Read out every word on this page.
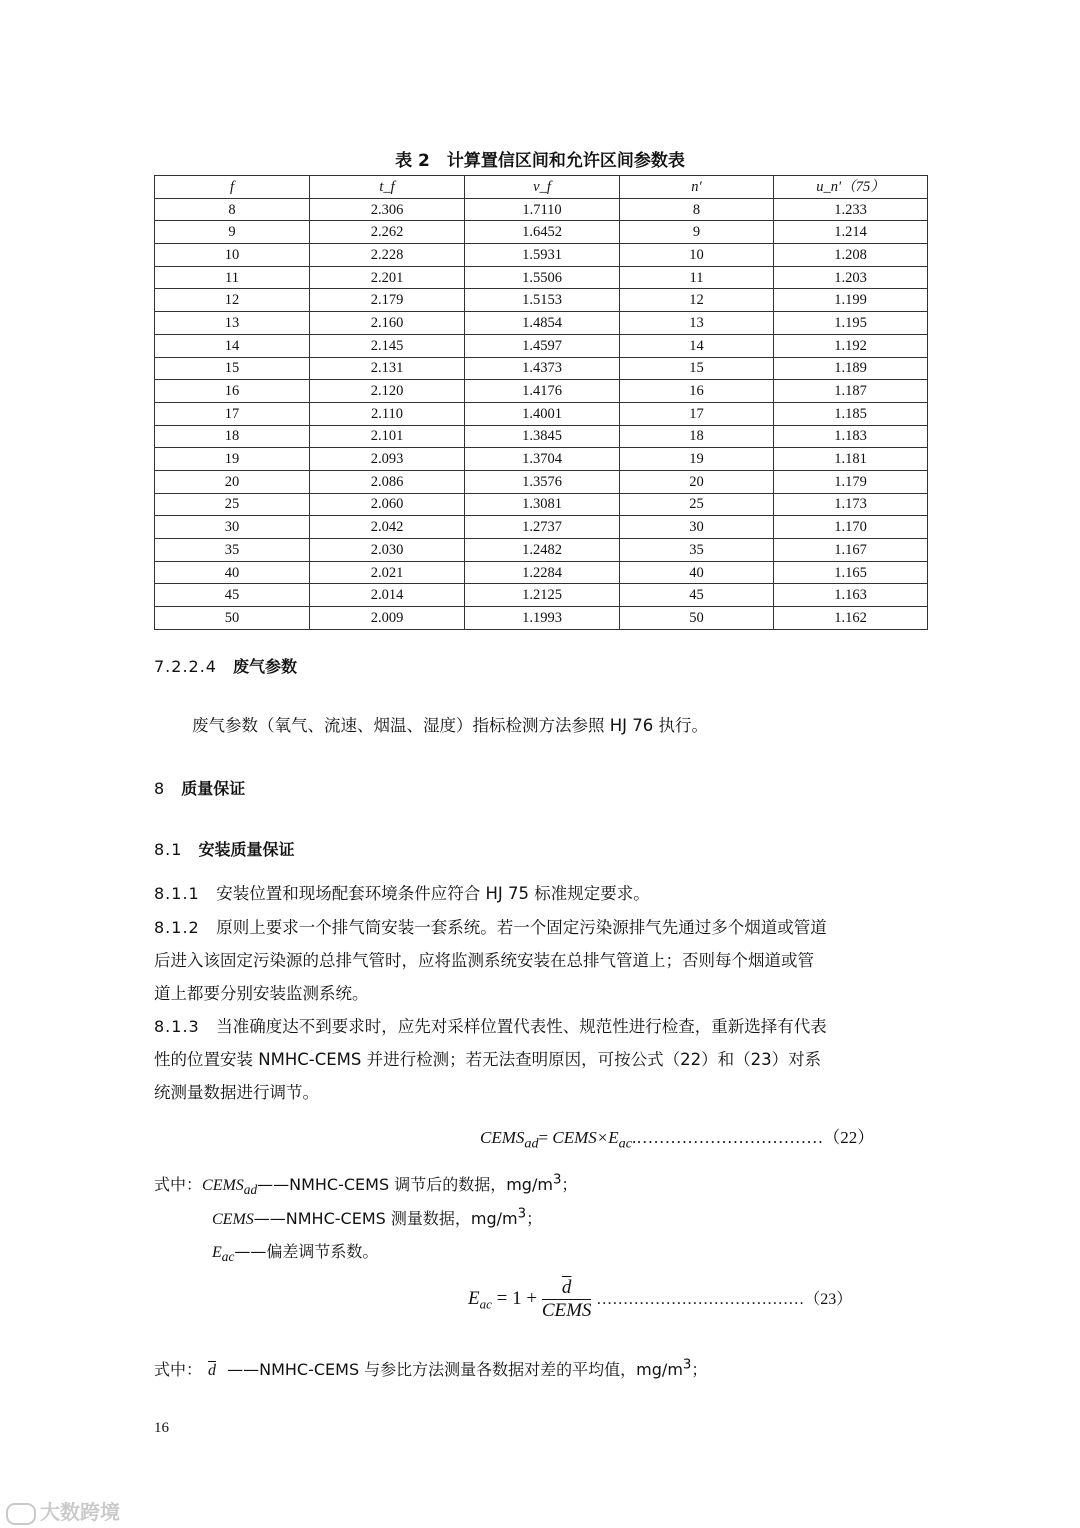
表 2　计算置信区间和允许区间参数表
f	t_f	v_f	n′	u_n′（75）
8	2.306	1.7110	8	1.233
9	2.262	1.6452	9	1.214
10	2.228	1.5931	10	1.208
11	2.201	1.5506	11	1.203
12	2.179	1.5153	12	1.199
13	2.160	1.4854	13	1.195
14	2.145	1.4597	14	1.192
15	2.131	1.4373	15	1.189
16	2.120	1.4176	16	1.187
17	2.110	1.4001	17	1.185
18	2.101	1.3845	18	1.183
19	2.093	1.3704	19	1.181
20	2.086	1.3576	20	1.179
25	2.060	1.3081	25	1.173
30	2.042	1.2737	30	1.170
35	2.030	1.2482	35	1.167
40	2.021	1.2284	40	1.165
45	2.014	1.2125	45	1.163
50	2.009	1.1993	50	1.162
7.2.2.4　 废气参数
废气参数（氧气、流速、烟温、湿度）指标检测方法参照 HJ 76 执行。
8　 质量保证
8.1　 安装质量保证
8.1.1　 安装位置和现场配套环境条件应符合 HJ 75 标准规定要求。
8.1.2　 原则上要求一个排气筒安装一套系统。若一个固定污染源排气先通过多个烟道或管道
后进入该固定污染源的总排气管时，应将监测系统安装在总排气管道上；否则每个烟道或管
道上都要分别安装监测系统。
8.1.3　 当准确度达不到要求时，应先对采样位置代表性、规范性进行检查，重新选择有代表
性的位置安装 NMHC-CEMS 并进行检测；若无法查明原因，可按公式（22）和（23）对系
统测量数据进行调节。
$CEMS_{ad}=$ $CEMS\times E_{ac}.\dots\dots\dots\dots\dots\dots\dots\dots\dots\dots\dots(22)$
式中：$CEMS_{ad}——NMHC$-CEMS 调节后的数据，$mg/m^3$；
CEMS——NMHC-CEMS 测量数据，$mg/m^3$；
$E_{ac}——$偏差调节系数。
$E_{ac} = 1 + \frac{\overline{d}}{\text{CEMS}}$ …………………………………（23）
式中： $\overline{d}$ ——NMHC-CEMS 与参比方法测量各数据对差的平均值，$mg/m^3$；
16
大数跨境
